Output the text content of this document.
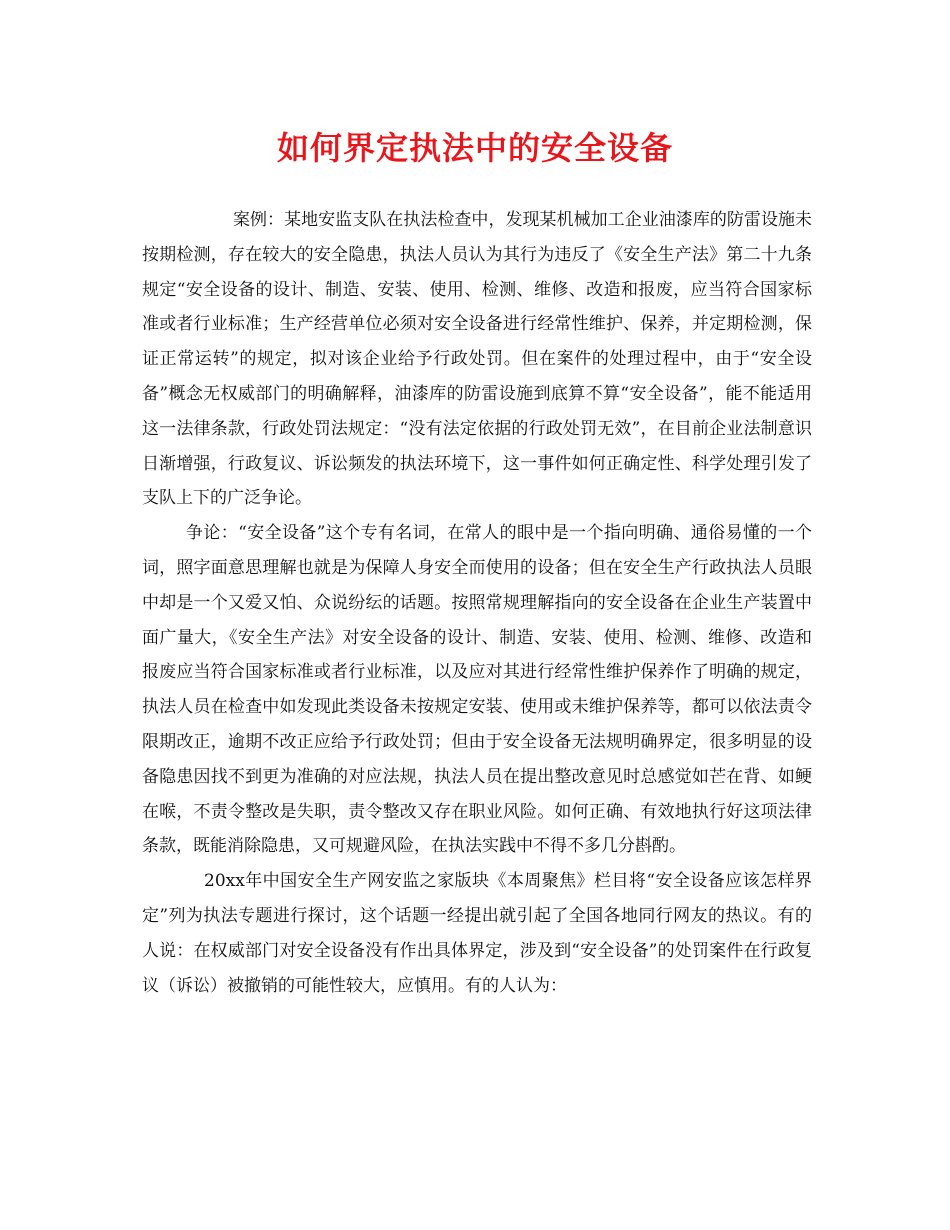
如何界定执法中的安全设备

案例：某地安监支队在执法检查中，发现某机械加工企业油漆库的防雷设施未按期检测，存在较大的安全隐患，执法人员认为其行为违反了《安全生产法》第二十九条规定“安全设备的设计、制造、安装、使用、检测、维修、改造和报废，应当符合国家标准或者行业标准；生产经营单位必须对安全设备进行经常性维护、保养，并定期检测，保证正常运转”的规定，拟对该企业给予行政处罚。但在案件的处理过程中，由于“安全设备”概念无权威部门的明确解释，油漆库的防雷设施到底算不算“安全设备”，能不能适用这一法律条款，行政处罚法规定：“没有法定依据的行政处罚无效”，在目前企业法制意识日渐增强，行政复议、诉讼频发的执法环境下，这一事件如何正确定性、科学处理引发了支队上下的广泛争论。

争论：“安全设备”这个专有名词，在常人的眼中是一个指向明确、通俗易懂的一个词，照字面意思理解也就是为保障人身安全而使用的设备；但在安全生产行政执法人员眼中却是一个又爱又怕、众说纷纭的话题。按照常规理解指向的安全设备在企业生产装置中面广量大，《安全生产法》对安全设备的设计、制造、安装、使用、检测、维修、改造和报废应当符合国家标准或者行业标准，以及应对其进行经常性维护保养作了明确的规定，执法人员在检查中如发现此类设备未按规定安装、使用或未维护保养等，都可以依法责令限期改正，逾期不改正应给予行政处罚；但由于安全设备无法规明确界定，很多明显的设备隐患因找不到更为准确的对应法规，执法人员在提出整改意见时总感觉如芒在背、如鲠在喉，不责令整改是失职，责令整改又存在职业风险。如何正确、有效地执行好这项法律条款，既能消除隐患，又可规避风险，在执法实践中不得不多几分斟酌。

20xx年中国安全生产网安监之家版块《本周聚焦》栏目将“安全设备应该怎样界定”列为执法专题进行探讨，这个话题一经提出就引起了全国各地同行网友的热议。有的人说：在权威部门对安全设备没有作出具体界定，涉及到“安全设备”的处罚案件在行政复议（诉讼）被撤销的可能性较大，应慎用。有的人认为：
